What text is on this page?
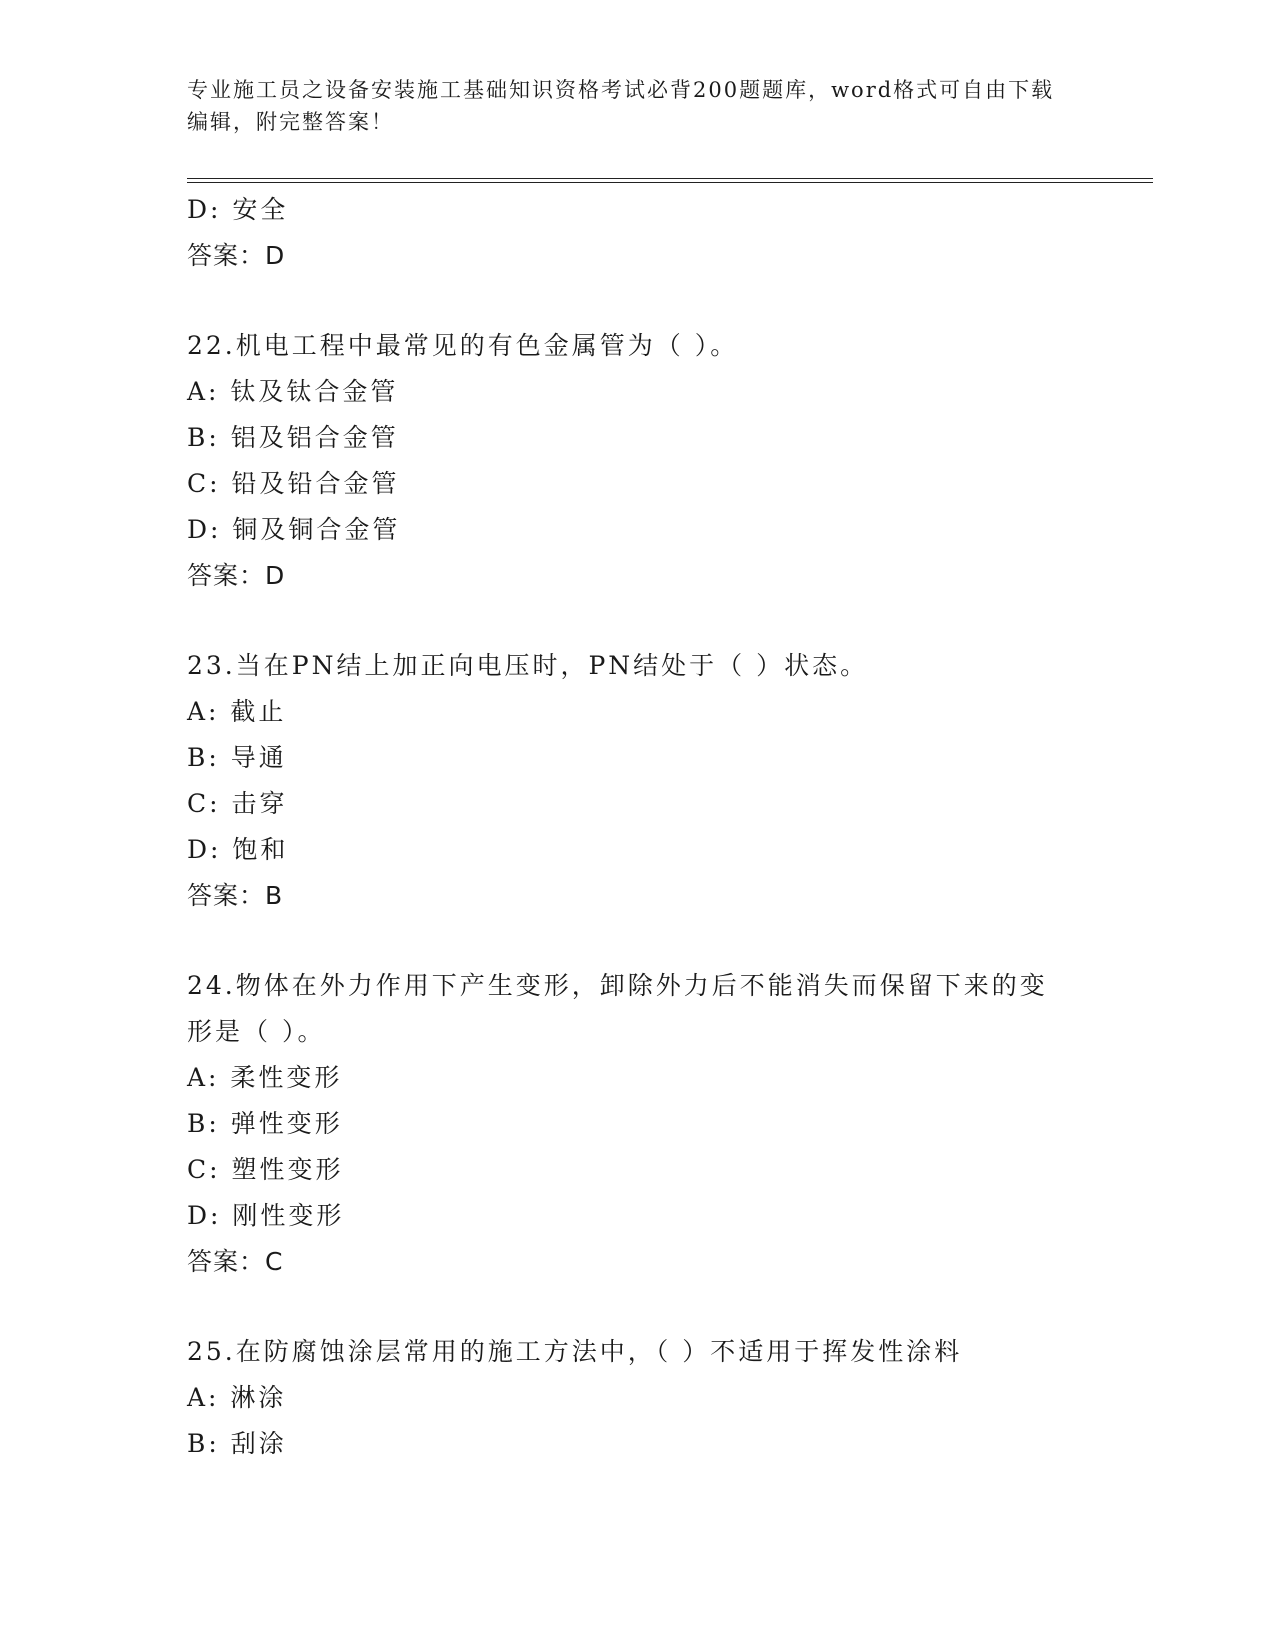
专业施工员之设备安装施工基础知识资格考试必背200题题库，word格式可自由下载编辑，附完整答案！
D: 安全
答案：D
22.机电工程中最常见的有色金属管为（ ）。
A: 钛及钛合金管
B: 铝及铝合金管
C: 铅及铅合金管
D: 铜及铜合金管
答案：D
23.当在PN结上加正向电压时，PN结处于（ ）状态。
A: 截止
B: 导通
C: 击穿
D: 饱和
答案：B
24.物体在外力作用下产生变形，卸除外力后不能消失而保留下来的变形是（ ）。
A: 柔性变形
B: 弹性变形
C: 塑性变形
D: 刚性变形
答案：C
25.在防腐蚀涂层常用的施工方法中，（ ）不适用于挥发性涂料
A: 淋涂
B: 刮涂
